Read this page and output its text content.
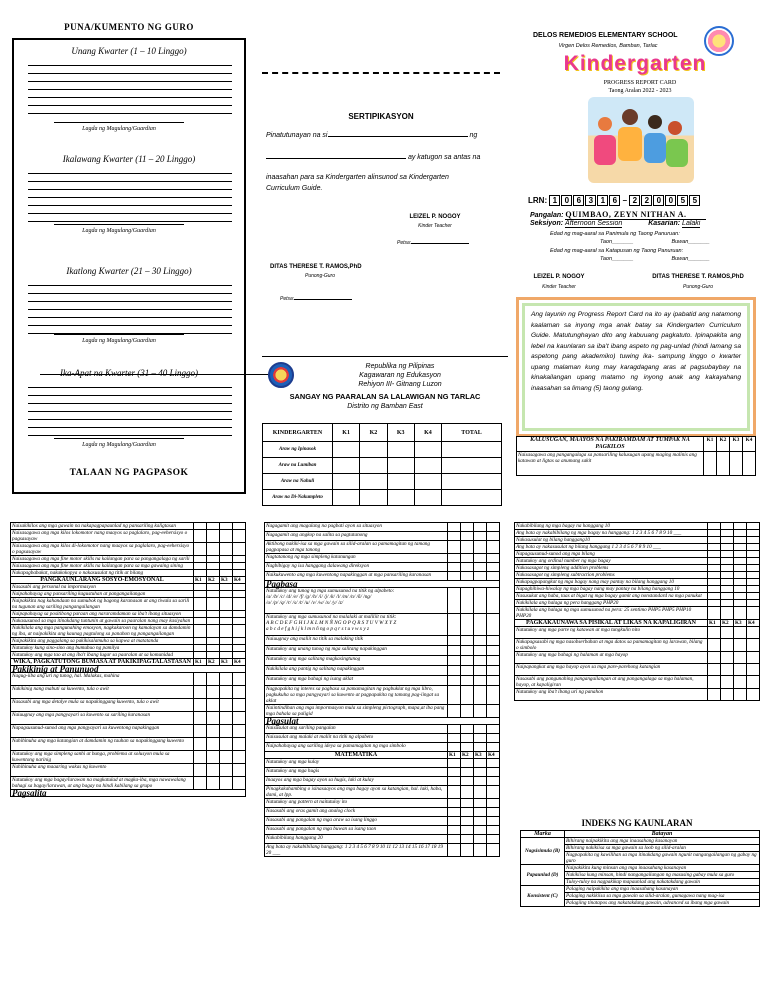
PUNA/KUMENTO NG GURO
Unang Kwarter (1 – 10 Linggo)
Lagda ng Magulang/Guardian
Ikalawang Kwarter (11 – 20 Linggo)
Lagda ng Magulang/Guardian
Ikatlong Kwarter (21 – 30 Linggo)
Lagda ng Magulang/Guardian
Ika-Apat na Kwarter (31 – 40 Linggo)
Lagda ng Magulang/Guardian
TALAAN NG PAGPASOK
SERTIPIKASYON
Pinatutunayan na si	ng
ay katugon sa antas na
inaasahan para sa Kindergarten alinsunod sa Kindergarten
Curriculum Guide.
LEIZEL P. NOGOY
Kinder Teacher
Petsa:
DITAS THERESE T. RAMOS,PhD
Punong-Guro
Petsa:
Republika ng Pilipinas
Kagawaran ng Edukasyon
Rehiyon III- Gitnang Luzon
SANGAY NG PAARALAN SA LALAWIGAN NG TARLAC
Distrito ng Bamban East
KINDERGARTEN	K1	K2	K3	K4	TOTAL
Araw ng Ipinasok					
Araw na Lumiban					
Araw na Nahuli					
Araw na Di-Nakumpleto					
DELOS REMEDIOS ELEMENTARY SCHOOL
Virgen Delos Remedios, Bamban, Tarlac
Kindergarten
PROGRESS REPORT CARD
Taong Aralan 2022 - 2023
LRN: 1 0 6 3 1 6 – 2 2 0 0 5 5
Pangalan: QUIMBAO, ZEYN NITHAN A.
Seksiyon: Afternoon Session	Kasarian: Lalaki
Edad ng mag-aaral sa Panimula ng Taong Panuruan:
Taon_______	Buwan_______
Edad ng mag-aaral sa Katapusan ng Taong Panuruan:
Taon_______	Buwan_______
LEIZEL P. NOGOY
Kinder Teacher
DITAS THERESE T. RAMOS,PhD
Punong-Guro
Ang layunin ng Progress Report Card na ito ay ipabatid ang natamong kaalaman sa inyong mga anak batay sa Kindergarten Curriculum Guide. Matutunghayan dito ang kabuuang pagkatuto. Ipinapakita ang lebel na kaunlaran sa iba't ibang aspeto ng pag-unlad (hindi lamang sa aspetong pang akademiko) tuwing ika- sampung linggo o kwarter upang malaman kung may karagdagang aras at pagsubaybay na kinakailangan upang matamo ng inyong anak ang kakayahang inaasahan sa limang (5) taong gulang.
KALUSUGAN, MAAYOS NA PAKIRAMDAM AT TUMPAK NA PAGKILOS	K1	K2	K3	K4
Naisasagawa ang pangangalaga sa pansariling kalusugan upang maging malinis ang katawan at ligtas sa anumang sakit				
Naisakikilos ang mga gawain na nakapagpapaunlad ng pansariling kaligtasan				
Naisasagawa ang mga kilos lokomotor nang maayos sa paglalaro, pag-eehersisyo o pagsasayaw				
Naisasagawa ang mga kilos di-lokomotor nang maayos sa paglalaro, pag-eehersisyo o pagsasayaw				
Naisasagawa ang mga fine motor skills na kailangan para sa pangangalaga ng sarili				
Naisasagawa ang mga fine motor skills na kailangan para sa mga gawaing sining				
Nakapagbabakat, nakakokopya o nakasusulat ng titik at bilang				
PANGKAUNLARANG SOSYO-EMOSYONAL	K1	K2	K3	K4
Nasasabi ang personal na impormasyon				
Naipahahayag ang pansariling kagustuhan at pangangailangan				
Naipakikita nag kahandaan na sumubok ng bagong karanasan at ang tiwala sa sarili na tugunan ang sariling pangangailangan				
Naipapahayag sa positibong paraan ang nararamdaman sa iba't ibang situasyon				
Nakasusunod sa mga itinakdang tuntunin at gawain sa paaralan nang may kasiyahan				
Nakikilala ang mga pangunahing emosyon, nagkakaroon ng kamalayan sa damdamin ng iba, at naipakikita ang kaunag pagtulong sa panahon ng pangangailangan				
Naipakikita ang paggalang sa pakikisalamuha sa kapwa at matatanda				
Natutukoy kung sino-sino ang bumubuo ng pamilya				
Natutukoy ang mga tao at ang iba't ibang lugar sa paaralan at sa komunidad				
WIKA, PAGKATUTONG BUMASA AT PAKIKIPAGTALASTASAN	K1	K2	K3	K4
Pakikinig at Panunuod				
Nagug-iiba ang uri ng tunog, hal. Malakas, mahina				
Nakikinig nang mabuti sa kuwento, tula o awit				
Nasasabi ang mga detalye mula sa napakinggang kuwento, tula o awit				
Naiuugnay ang mga pangyayari sa kuwento sa sariling karanasan				
Napagsusunud-sunod ang mga pangyayari sa kuwentong napakinggan				
Nahihinuha ang mga katangian at damdamin ng tauhan sa napakinggang kuwento				
Natutukoy ang mga simpleng sanhi at bunga, problema at solusyon mula sa kuwentong narinig				
Nahihinuha ang maaaring wakas ng kuwento				
Natutukoy ang mga bagay/larawan na magkatulad at magka-iba, mga nawawalang bahagi sa bagay/larawan, at ang bagay na hindi kabilang sa grupo				
Pagsalita				
Nagagamit ang magalang na pagbati ayon sa situasyon				
Nagagamit ang angkop na salita sa pagtatanong				
Aktibong nakiki-isa sa mga gawain sa silid-aralan sa pamamagitan ng tamang pagpapasa at mga tanong				
Nagtatanong ng mga simpleng katanungan				
Nagbibigay ng isa hanggang dalawang direksyon				
Naikukuwento ang mga kuwentong napakinggan at mga pansariling karanasan				
Pagbasa				
Natutukoy ang tunog ng mga sumusunod na titik ng alpabeto:
/a/ /b/ /c/ /d/ /e/ /f/ /g/ /h/ /i/ /j/ /k/ /l/ /m/ /n/ /ñ/ /ng/
/o/ /p/ /q/ /r/ /s/ /t/ /u/ /v/ /w/ /x/ /y/ /z/				
Natutukoy ang mga sumusunod na malalaki at maliliit na titik:
A B C D E F G H I J K L M N Ñ NG O P Q R S T U V W X Y Z
a b c d e f g h i j k l m n ñ ng o p q r s t u v w x y z				
Naiuugnay ang maliit na titik sa malaking titik				
Natutukoy ang unang tunog ng mga salitang napakinggan				
Natutukoy ang mga salitang magkasingtunog				
Nakikilala ang pantig ng salitang napakinggan				
Natutukoy ang mga bahagi ng isang aklat				
Nagpapakita ng interes sa pagbasa sa pamamagitan ng pagbuklat ng mga libro, pagkukuha sa mga pangyayari sa kuwento at pagpapakita ng tamang pag-iingat sa aklat				
Naiintindihan ang mga impormasyon mula sa simpleng pictograph, mapa,at iba pang mga bahala sa paligid				
Pagsulat				
Naisusulat ang sariling pangalan				
Naisusulat ang malaki at maliit na titik ng alpabeto				
Naipahahayag ang sariling ideya sa pamamagitan ng mga simbolo				
MATEMATIKA	K1	K2	K3	K4
Natutukoy ang mga kulay				
Natutukoy ang mga hugis				
Inaayos ang mga bagay ayon sa hugis, laki at kulay				
Pinagkakahambing o isinasaayos ang mga bagay ayon sa katangian, hal. laki, haba, dami, at lpp.				
Natutukoy ang pattern at naitutuloy ito				
Nasasabi ang oras gamit ang analog clock				
Nasasabi ang pangalan ng mga araw sa isang linggo				
Nasasabi ang pangalan ng mga buwan sa isang taon				
Nakabibilang hanggang 20				
Ang bata ay nakabibilang hanggang: 1 2 3 4 5 6 7 8 9 10 11 12 13 14 15 16 17 18 19 20 ___				
Nakabibilang ng mga bagay na hanggang 10				
Ang bata ay nakabibilang ng mga bagay na hanggang: 1 2 3 4 5 6 7 8 9 10 ___				
Nakasusulat ng bilang hanggang10				
Ang bata ay nakasusulat ng bilang hanggang 1 2 3 4 5 6 7 8 9 10 ___				
Napagsusunud-sunod ang mga bilang				
Natutukoy ang ordinal number ng mga bagay				
Nakasasagot ng simpleng addition problems				
Nakasasagot ng simpleng subtraction problems				
Nakapagpapangkat ng mga bagay nang may pantay na bilang hanggang 10				
Napaghihiwa-hiwalay ng mga bagay nang may pantay na bilang hanggang 10				
Nasusukat ang haba, taas at bigat ng mga bagay gamit ang nonstandard na mga panukat				
Nakikilala ang halaga ng pera hanggang PHP20				
Nakikilala ang halaga ng mga sumusunod na pera: 25 sentimo PHP5 PHP5 PHP10 PHP20				
PAGKAKAUNAWA SA PISIKAL AT LIKAS NA KAPALIGIRAN	K1	K2	K3	K4
Natutukoy ang mga parte ng katawan at mga tungkulin nito				
Nakapagsasabi ng mga nasobserbahan at mga datos sa pamamagitan ng larawan, bilang o simbolo				
Natutukoy ang mga bahagi ng halaman at mga hayop				
Naipapangkat ang mga hayop ayon sa mga pare-parehong katangian				
Nasasabi ang pangunahing pangangailangan at ang pangangalaga sa mga halaman, hayop, at kapaligiran				
Natutukoy ang iba't ibang uri ng panahon				
INDEKS NG KAUNLARAN
Marka	Batayan
Nagsisimula (B)	Bihirang naipakikita ang mga inaasahang kasanayan
	Bihirang nakikiisa sa mga gawain sa loob ng silid-aralan
	Nagpapakita ng kawilihan sa mga itinakdang gawain ngunit nangangailangan ng gabay ng guro
Papaunlad (D)	Naipakikita kung minsan ang mga inaasahang kasanayan
	Nakikiisa kung minsan, hindi nangangailangan ng masusing gabay mula sa guro
	Tuloy-tuloy na nagpakikap mapaunlad ang nakatakdang gawain
Konsistent (C)	Palaging naipakikita ang mga inaasahang kasanayan
	Palaging nakikiisa sa mga gawain sa silid-aralan, gumagawa nang mag-isa
	Palagiing tinatapos ang nakatakdang gawain, advanced sa ibang mga gawain
